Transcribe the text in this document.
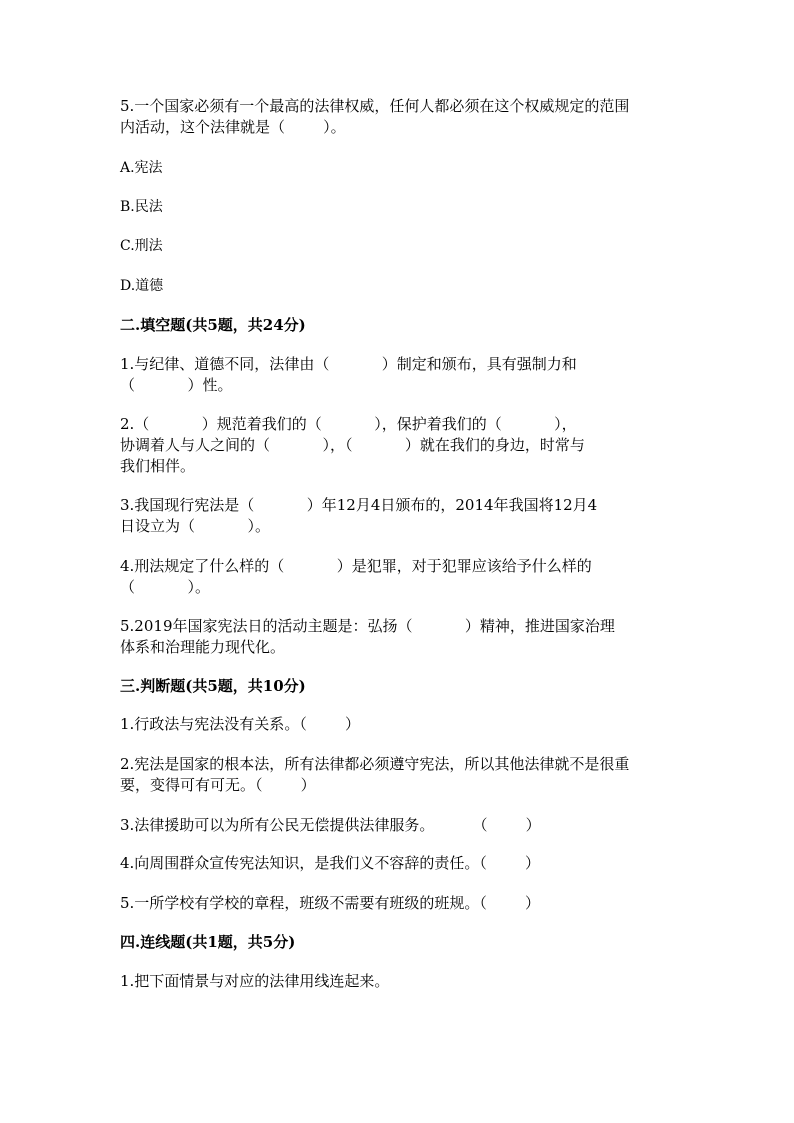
5.一个国家必须有一个最高的法律权威，任何人都必须在这个权威规定的范围
内活动，这个法律就是（        ）。
A.宪法
B.民法
C.刑法
D.道德
二.填空题(共5题，共24分)
1.与纪律、道德不同，法律由（           ）制定和颁布，具有强制力和
（           ）性。
2.（           ）规范着我们的（           ），保护着我们的（           ），
协调着人与人之间的（           ），（           ）就在我们的身边，时常与
我们相伴。
3.我国现行宪法是（           ）年12月4日颁布的，2014年我国将12月4
日设立为（           ）。
4.刑法规定了什么样的（           ）是犯罪，对于犯罪应该给予什么样的
（           ）。
5.2019年国家宪法日的活动主题是：弘扬（           ）精神，推进国家治理
体系和治理能力现代化。
三.判断题(共5题，共10分)
1.行政法与宪法没有关系。（        ）
2.宪法是国家的根本法，所有法律都必须遵守宪法，所以其他法律就不是很重
要，变得可有可无。（        ）
3.法律援助可以为所有公民无偿提供法律服务。        （        ）
4.向周围群众宣传宪法知识，是我们义不容辞的责任。（        ）
5.一所学校有学校的章程，班级不需要有班级的班规。（        ）
四.连线题(共1题，共5分)
1.把下面情景与对应的法律用线连起来。
